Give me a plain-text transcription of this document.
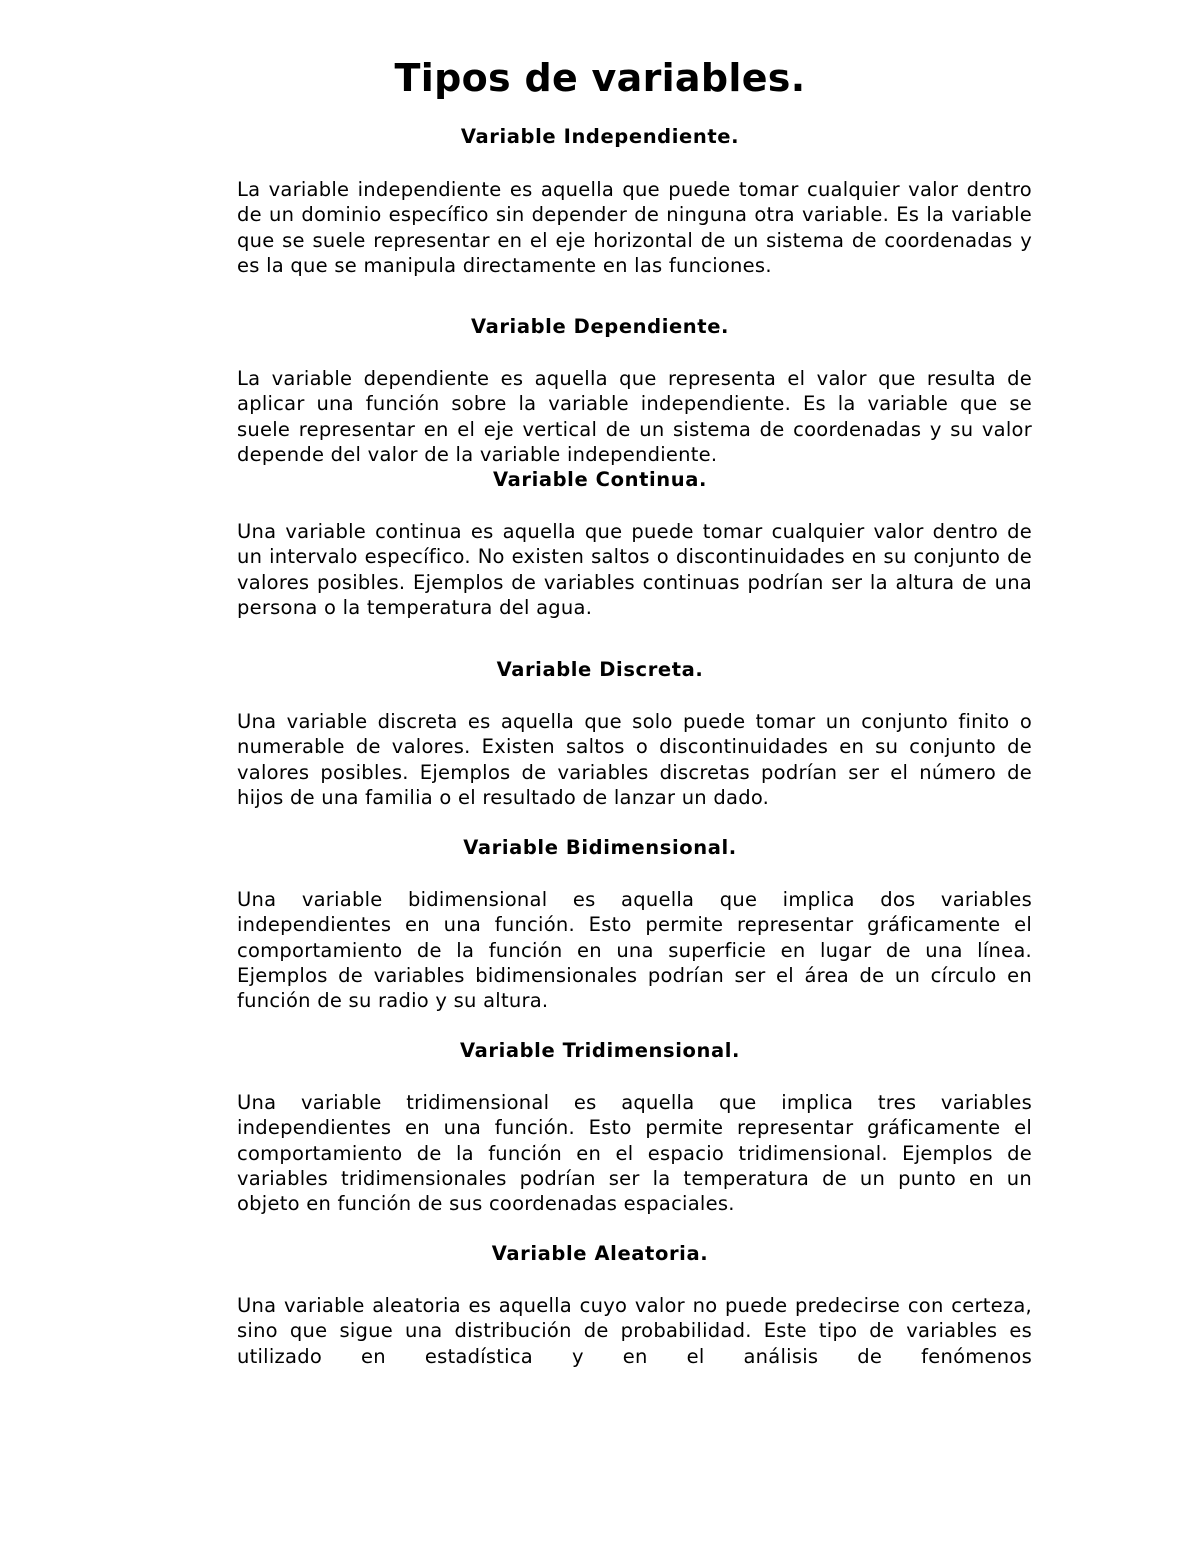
Tipos de variables.
Variable Independiente.

La variable independiente es aquella que puede tomar cualquier valor dentro de un dominio específico sin depender de ninguna otra variable. Es la variable que se suele representar en el eje horizontal de un sistema de coordenadas y es la que se manipula directamente en las funciones.

Variable Dependiente.

La variable dependiente es aquella que representa el valor que resulta de aplicar una función sobre la variable independiente. Es la variable que se suele representar en el eje vertical de un sistema de coordenadas y su valor depende del valor de la variable independiente.

Variable Continua.

Una variable continua es aquella que puede tomar cualquier valor dentro de un intervalo específico. No existen saltos o discontinuidades en su conjunto de valores posibles. Ejemplos de variables continuas podrían ser la altura de una persona o la temperatura del agua.

Variable Discreta.

Una variable discreta es aquella que solo puede tomar un conjunto finito o numerable de valores. Existen saltos o discontinuidades en su conjunto de valores posibles. Ejemplos de variables discretas podrían ser el número de hijos de una familia o el resultado de lanzar un dado.

Variable Bidimensional.

Una variable bidimensional es aquella que implica dos variables independientes en una función. Esto permite representar gráficamente el comportamiento de la función en una superficie en lugar de una línea. Ejemplos de variables bidimensionales podrían ser el área de un círculo en función de su radio y su altura.

Variable Tridimensional.

Una variable tridimensional es aquella que implica tres variables independientes en una función. Esto permite representar gráficamente el comportamiento de la función en el espacio tridimensional. Ejemplos de variables tridimensionales podrían ser la temperatura de un punto en un objeto en función de sus coordenadas espaciales.

Variable Aleatoria.

Una variable aleatoria es aquella cuyo valor no puede predecirse con certeza, sino que sigue una distribución de probabilidad. Este tipo de variables es utilizado en estadística y en el análisis de fenómenos
